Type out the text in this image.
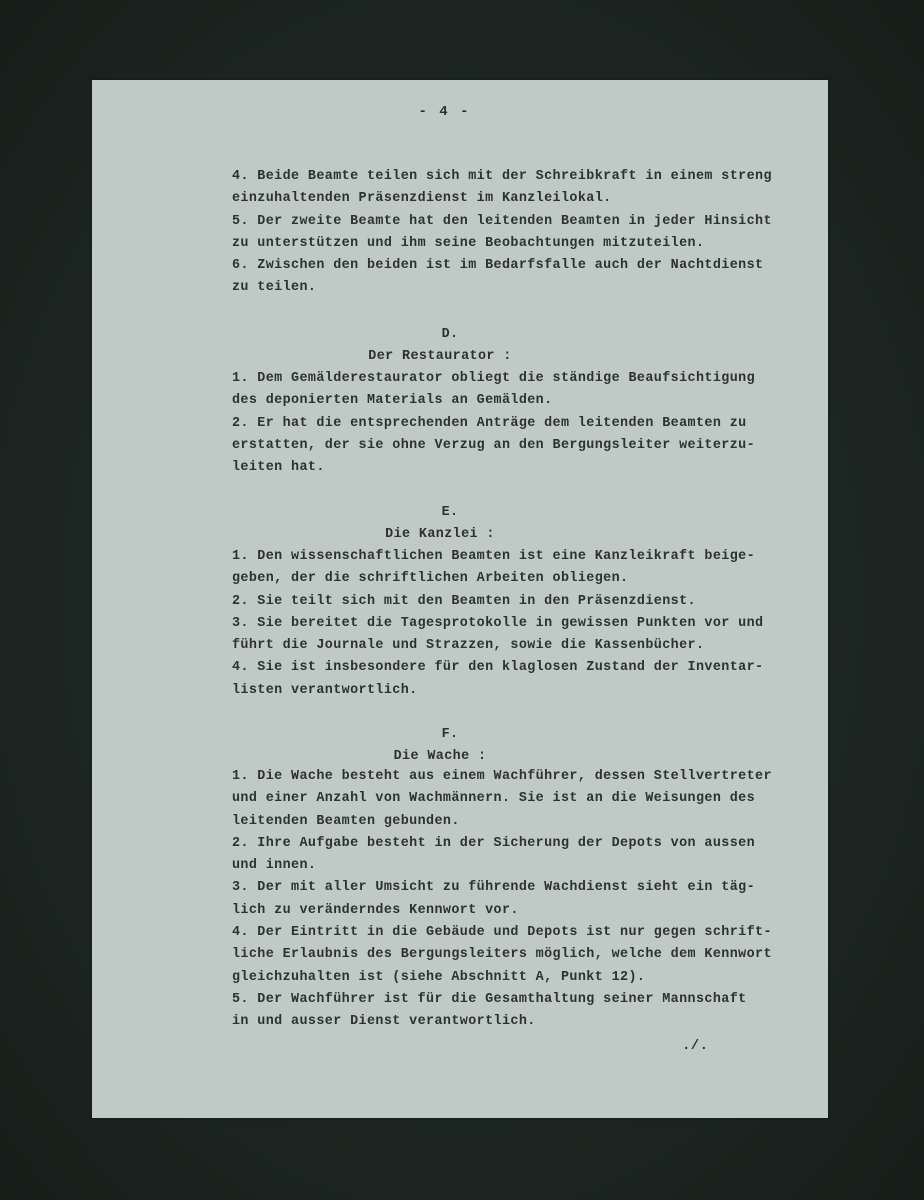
- 4 -

4. Beide Beamte teilen sich mit der Schreibkraft in einem streng

einzuhaltenden Präsenzdienst im Kanzleilokal.

5. Der zweite Beamte hat den leitenden Beamten in jeder Hinsicht

zu unterstützen und ihm seine Beobachtungen mitzuteilen.

6. Zwischen den beiden ist im Bedarfsfalle auch der Nachtdienst

zu teilen.

D.
Der Restaurator :

1. Dem Gemälderestaurator obliegt die ständige Beaufsichtigung

des deponierten Materials an Gemälden.

2. Er hat die entsprechenden Anträge dem leitenden Beamten zu

erstatten, der sie ohne Verzug an den Bergungsleiter weiterzu-

leiten hat.

E.
Die Kanzlei :

1. Den wissenschaftlichen Beamten ist eine Kanzleikraft beige-

geben, der die schriftlichen Arbeiten obliegen.

2. Sie teilt sich mit den Beamten in den Präsenzdienst.

3. Sie bereitet die Tagesprotokolle in gewissen Punkten vor und

führt die Journale und Strazzen, sowie die Kassenbücher.

4. Sie ist insbesondere für den klaglosen Zustand der Inventar-

listen verantwortlich.

F.
Die Wache :

1. Die Wache besteht aus einem Wachführer, dessen Stellvertreter

und einer Anzahl von Wachmännern. Sie ist an die Weisungen des

leitenden Beamten gebunden.

2. Ihre Aufgabe besteht in der Sicherung der Depots von aussen

und innen.

3. Der mit aller Umsicht zu führende Wachdienst sieht ein täg-

lich zu veränderndes Kennwort vor.

4. Der Eintritt in die Gebäude und Depots ist nur gegen schrift-

liche Erlaubnis des Bergungsleiters möglich, welche dem Kennwort

gleichzuhalten ist (siehe Abschnitt A, Punkt 12).

5. Der Wachführer ist für die Gesamthaltung seiner Mannschaft

in und ausser Dienst verantwortlich.

./.
